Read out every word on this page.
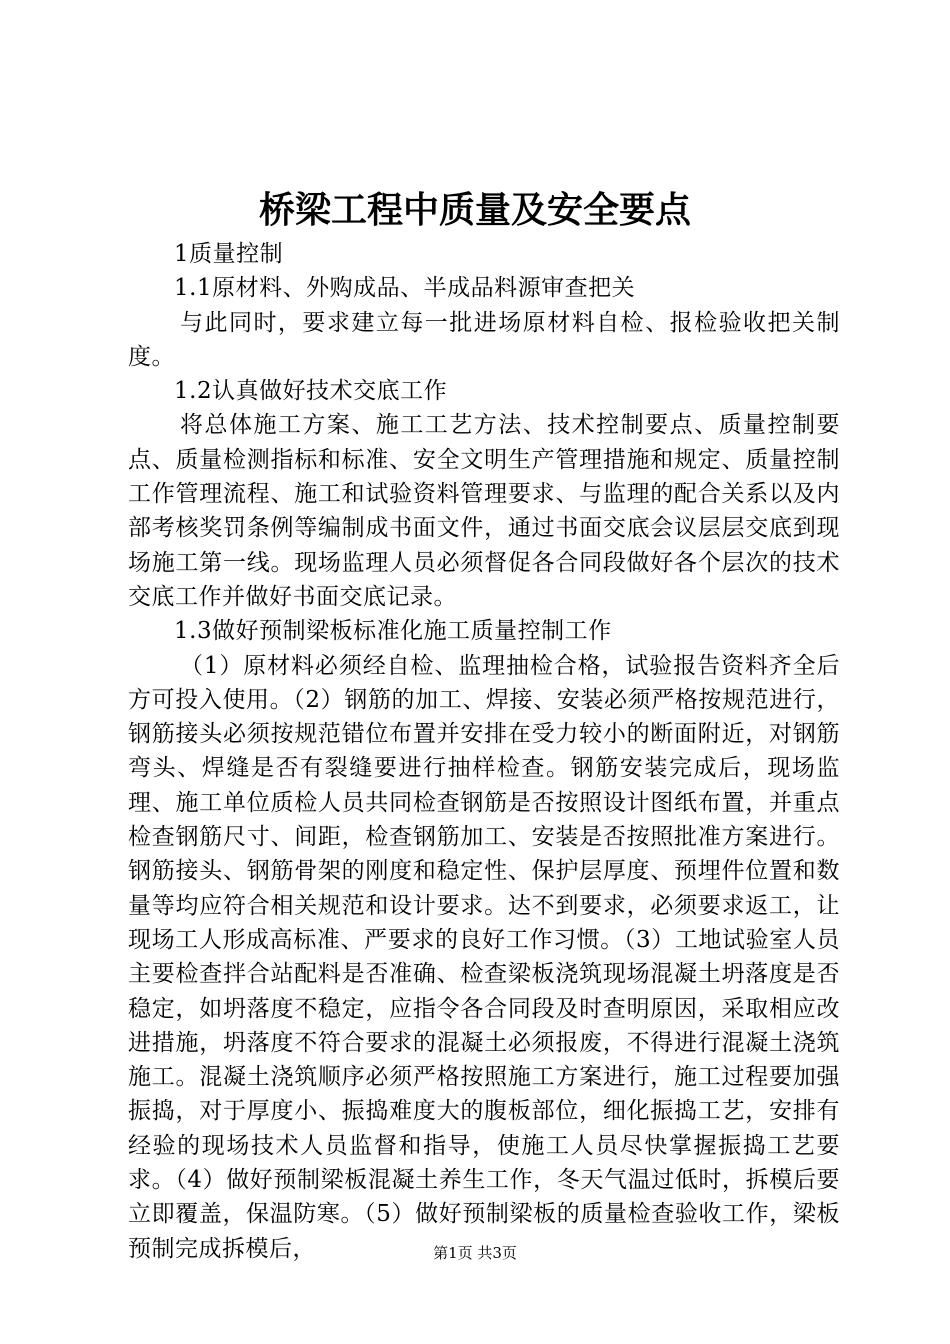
桥梁工程中质量及安全要点

1质量控制

1.1原材料、外购成品、半成品料源审查把关

与此同时，要求建立每一批进场原材料自检、报检验收把关制度。

1.2认真做好技术交底工作

将总体施工方案、施工工艺方法、技术控制要点、质量控制要点、质量检测指标和标准、安全文明生产管理措施和规定、质量控制工作管理流程、施工和试验资料管理要求、与监理的配合关系以及内部考核奖罚条例等编制成书面文件，通过书面交底会议层层交底到现场施工第一线。现场监理人员必须督促各合同段做好各个层次的技术交底工作并做好书面交底记录。

1.3做好预制梁板标准化施工质量控制工作

（1）原材料必须经自检、监理抽检合格，试验报告资料齐全后方可投入使用。（2）钢筋的加工、焊接、安装必须严格按规范进行，钢筋接头必须按规范错位布置并安排在受力较小的断面附近，对钢筋弯头、焊缝是否有裂缝要进行抽样检查。钢筋安装完成后，现场监理、施工单位质检人员共同检查钢筋是否按照设计图纸布置，并重点检查钢筋尺寸、间距，检查钢筋加工、安装是否按照批准方案进行。钢筋接头、钢筋骨架的刚度和稳定性、保护层厚度、预埋件位置和数量等均应符合相关规范和设计要求。达不到要求，必须要求返工，让现场工人形成高标准、严要求的良好工作习惯。（3）工地试验室人员主要检查拌合站配料是否准确、检查梁板浇筑现场混凝土坍落度是否稳定，如坍落度不稳定，应指令各合同段及时查明原因，采取相应改进措施，坍落度不符合要求的混凝土必须报废，不得进行混凝土浇筑施工。混凝土浇筑顺序必须严格按照施工方案进行，施工过程要加强振捣，对于厚度小、振捣难度大的腹板部位，细化振捣工艺，安排有经验的现场技术人员监督和指导，使施工人员尽快掌握振捣工艺要求。（4）做好预制梁板混凝土养生工作，冬天气温过低时，拆模后要立即覆盖，保温防寒。（5）做好预制梁板的质量检查验收工作，梁板预制完成拆模后，	第1页 共3页
